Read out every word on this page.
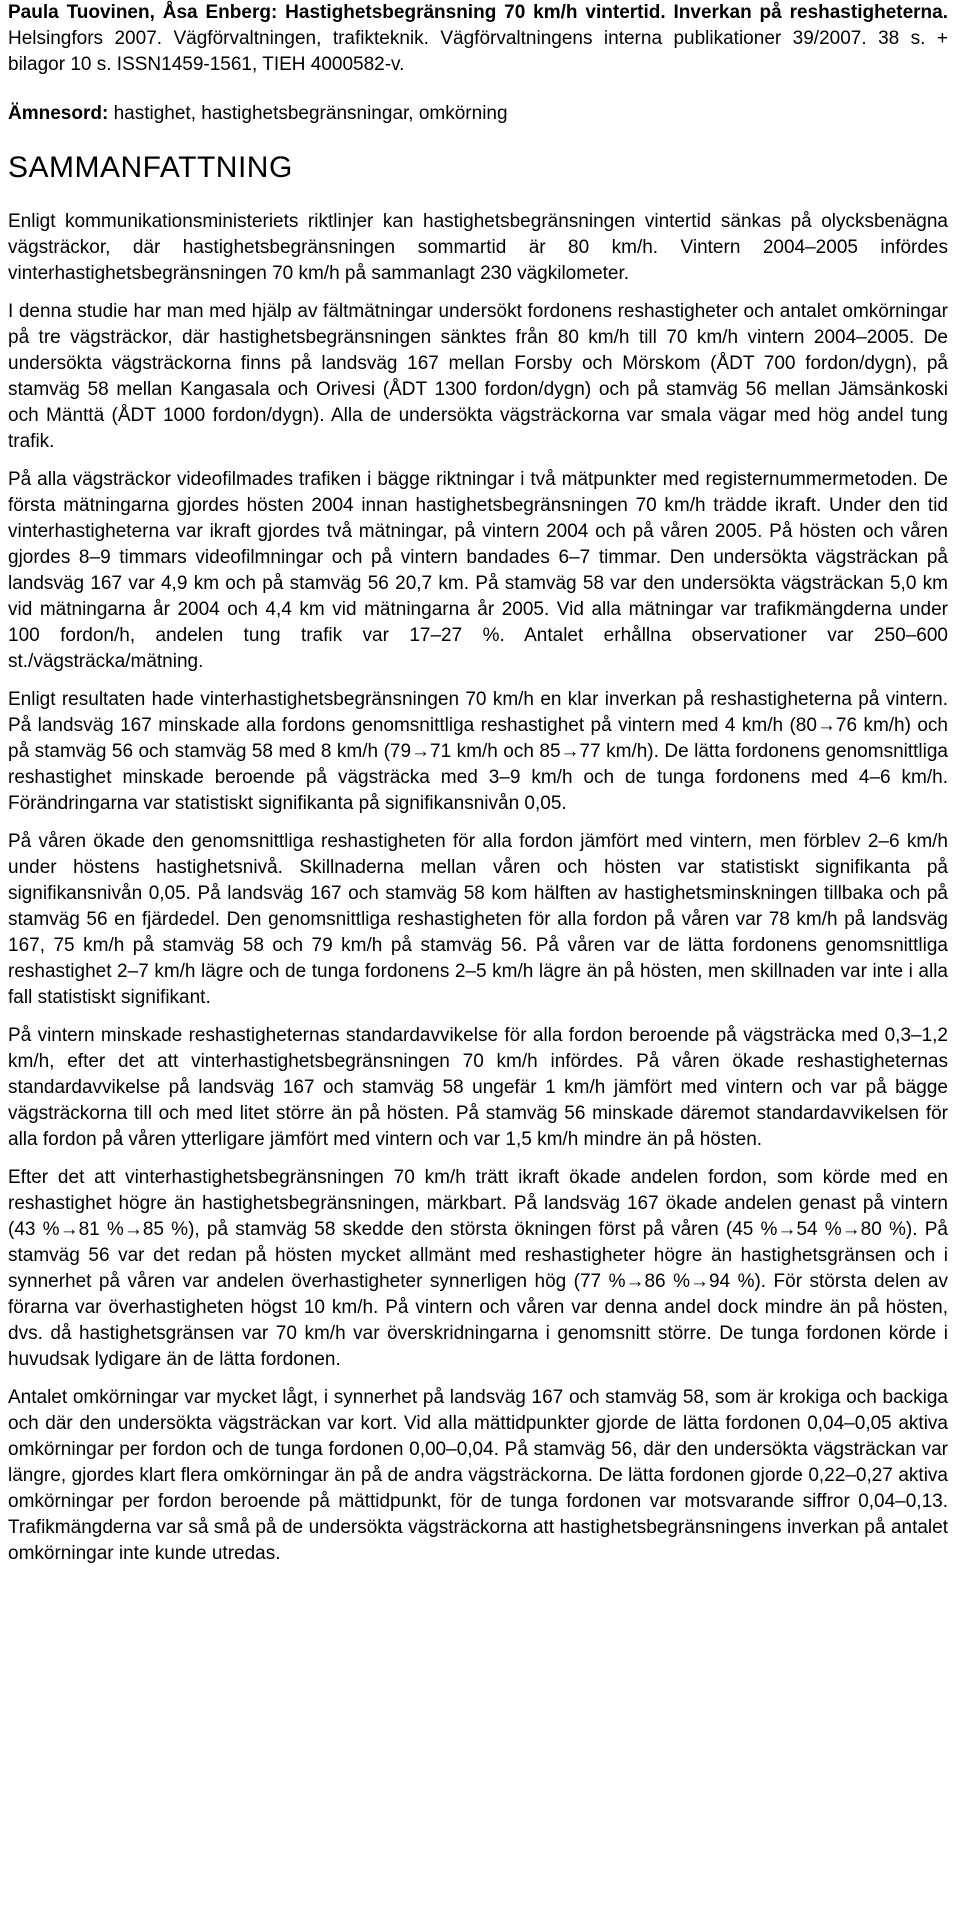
Paula Tuovinen, Åsa Enberg: Hastighetsbegränsning 70 km/h vintertid. Inverkan på reshastigheterna. Helsingfors 2007. Vägförvaltningen, trafikteknik. Vägförvaltningens interna publikationer 39/2007. 38 s. + bilagor 10 s. ISSN1459-1561, TIEH 4000582-v.

Ämnesord: hastighet, hastighetsbegränsningar, omkörning

SAMMANFATTNING

Enligt kommunikationsministeriets riktlinjer kan hastighetsbegränsningen vintertid sänkas på olycksbenägna vägsträckor, där hastighetsbegränsningen sommartid är 80 km/h. Vintern 2004–2005 infördes vinterhastighetsbegränsningen 70 km/h på sammanlagt 230 vägkilometer.

I denna studie har man med hjälp av fältmätningar undersökt fordonens reshastigheter och antalet omkörningar på tre vägsträckor, där hastighetsbegränsningen sänktes från 80 km/h till 70 km/h vintern 2004–2005. De undersökta vägsträckorna finns på landsväg 167 mellan Forsby och Mörskom (ÅDT 700 fordon/dygn), på stamväg 58 mellan Kangasala och Orivesi (ÅDT 1300 fordon/dygn) och på stamväg 56 mellan Jämsänkoski och Mänttä (ÅDT 1000 fordon/dygn). Alla de undersökta vägsträckorna var smala vägar med hög andel tung trafik.

På alla vägsträckor videofilmades trafiken i bägge riktningar i två mätpunkter med registernummermetoden. De första mätningarna gjordes hösten 2004 innan hastighetsbegränsningen 70 km/h trädde ikraft. Under den tid vinterhastigheterna var ikraft gjordes två mätningar, på vintern 2004 och på våren 2005. På hösten och våren gjordes 8–9 timmars videofilmningar och på vintern bandades 6–7 timmar. Den undersökta vägsträckan på landsväg 167 var 4,9 km och på stamväg 56 20,7 km. På stamväg 58 var den undersökta vägsträckan 5,0 km vid mätningarna år 2004 och 4,4 km vid mätningarna år 2005. Vid alla mätningar var trafikmängderna under 100 fordon/h, andelen tung trafik var 17–27 %. Antalet erhållna observationer var 250–600 st./vägsträcka/mätning.

Enligt resultaten hade vinterhastighetsbegränsningen 70 km/h en klar inverkan på reshastigheterna på vintern. På landsväg 167 minskade alla fordons genomsnittliga reshastighet på vintern med 4 km/h (80→76 km/h) och på stamväg 56 och stamväg 58 med 8 km/h (79→71 km/h och 85→77 km/h). De lätta fordonens genomsnittliga reshastighet minskade beroende på vägsträcka med 3–9 km/h och de tunga fordonens med 4–6 km/h. Förändringarna var statistiskt signifikanta på signifikansnivån 0,05.

På våren ökade den genomsnittliga reshastigheten för alla fordon jämfört med vintern, men förblev 2–6 km/h under höstens hastighetsnivå. Skillnaderna mellan våren och hösten var statistiskt signifikanta på signifikansnivån 0,05. På landsväg 167 och stamväg 58 kom hälften av hastighetsminskningen tillbaka och på stamväg 56 en fjärdedel. Den genomsnittliga reshastigheten för alla fordon på våren var 78 km/h på landsväg 167, 75 km/h på stamväg 58 och 79 km/h på stamväg 56. På våren var de lätta fordonens genomsnittliga reshastighet 2–7 km/h lägre och de tunga fordonens 2–5 km/h lägre än på hösten, men skillnaden var inte i alla fall statistiskt signifikant.

På vintern minskade reshastigheternas standardavvikelse för alla fordon beroende på vägsträcka med 0,3–1,2 km/h, efter det att vinterhastighetsbegränsningen 70 km/h infördes. På våren ökade reshastigheternas standardavvikelse på landsväg 167 och stamväg 58 ungefär 1 km/h jämfört med vintern och var på bägge vägsträckorna till och med litet större än på hösten. På stamväg 56 minskade däremot standardavvikelsen för alla fordon på våren ytterligare jämfört med vintern och var 1,5 km/h mindre än på hösten.

Efter det att vinterhastighetsbegränsningen 70 km/h trätt ikraft ökade andelen fordon, som körde med en reshastighet högre än hastighetsbegränsningen, märkbart. På landsväg 167 ökade andelen genast på vintern (43 %→81 %→85 %), på stamväg 58 skedde den största ökningen först på våren (45 %→54 %→80 %). På stamväg 56 var det redan på hösten mycket allmänt med reshastigheter högre än hastighetsgränsen och i synnerhet på våren var andelen överhastigheter synnerligen hög (77 %→86 %→94 %). För största delen av förarna var överhastigheten högst 10 km/h. På vintern och våren var denna andel dock mindre än på hösten, dvs. då hastighetsgränsen var 70 km/h var överskridningarna i genomsnitt större. De tunga fordonen körde i huvudsak lydigare än de lätta fordonen.

Antalet omkörningar var mycket lågt, i synnerhet på landsväg 167 och stamväg 58, som är krokiga och backiga och där den undersökta vägsträckan var kort. Vid alla mättidpunkter gjorde de lätta fordonen 0,04–0,05 aktiva omkörningar per fordon och de tunga fordonen 0,00–0,04. På stamväg 56, där den undersökta vägsträckan var längre, gjordes klart flera omkörningar än på de andra vägsträckorna. De lätta fordonen gjorde 0,22–0,27 aktiva omkörningar per fordon beroende på mättidpunkt, för de tunga fordonen var motsvarande siffror 0,04–0,13. Trafikmängderna var så små på de undersökta vägsträckorna att hastighetsbegränsningens inverkan på antalet omkörningar inte kunde utredas.
